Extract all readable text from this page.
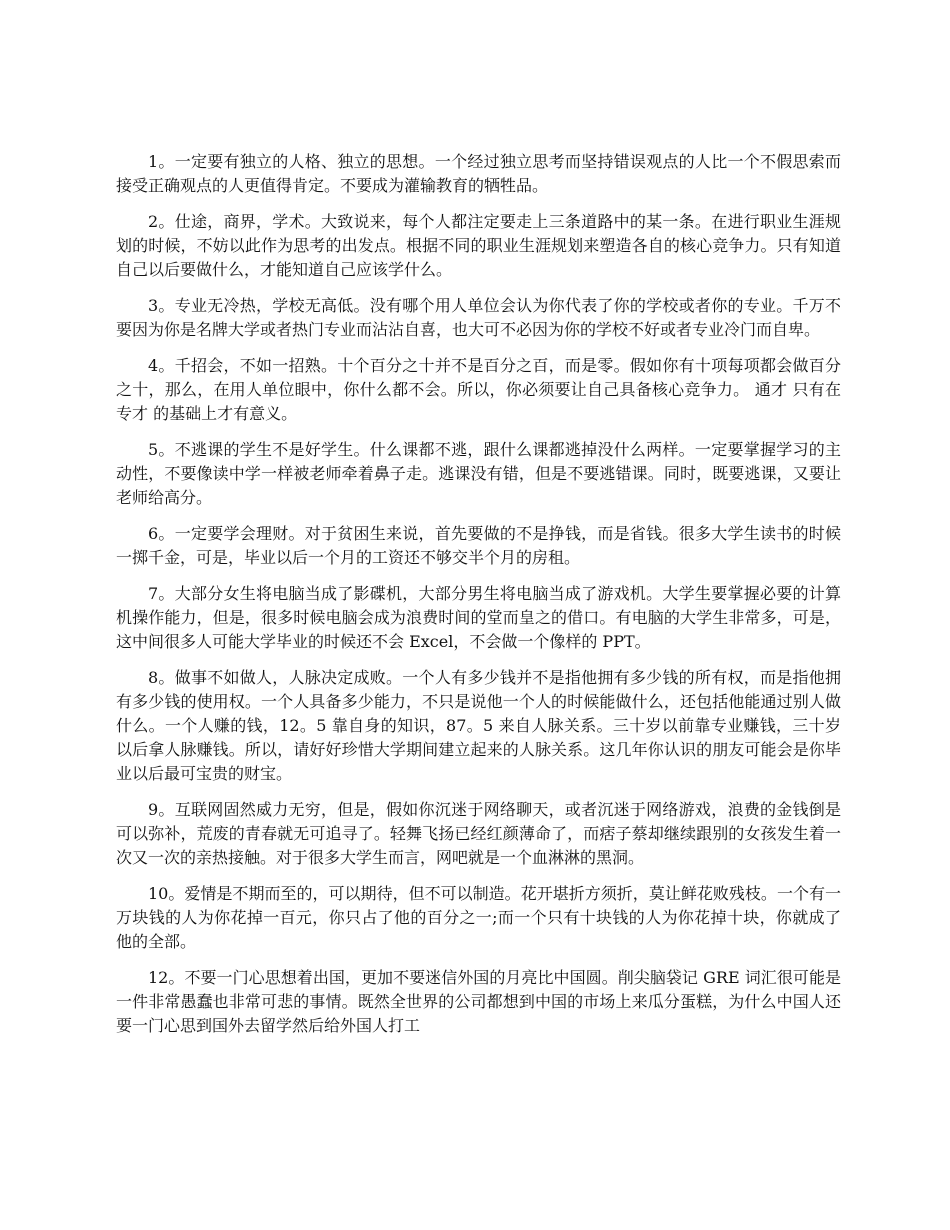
1。一定要有独立的人格、独立的思想。一个经过独立思考而坚持错误观点的人比一个不假思索而接受正确观点的人更值得肯定。不要成为灌输教育的牺牲品。

2。仕途，商界，学术。大致说来，每个人都注定要走上三条道路中的某一条。在进行职业生涯规划的时候，不妨以此作为思考的出发点。根据不同的职业生涯规划来塑造各自的核心竞争力。只有知道自己以后要做什么，才能知道自己应该学什么。

3。专业无冷热，学校无高低。没有哪个用人单位会认为你代表了你的学校或者你的专业。千万不要因为你是名牌大学或者热门专业而沾沾自喜，也大可不必因为你的学校不好或者专业冷门而自卑。

4。千招会，不如一招熟。十个百分之十并不是百分之百，而是零。假如你有十项每项都会做百分之十，那么，在用人单位眼中，你什么都不会。所以，你必须要让自己具备核心竞争力。 通才 只有在 专才 的基础上才有意义。

5。不逃课的学生不是好学生。什么课都不逃，跟什么课都逃掉没什么两样。一定要掌握学习的主动性，不要像读中学一样被老师牵着鼻子走。逃课没有错，但是不要逃错课。同时，既要逃课，又要让老师给高分。

6。一定要学会理财。对于贫困生来说，首先要做的不是挣钱，而是省钱。很多大学生读书的时候一掷千金，可是，毕业以后一个月的工资还不够交半个月的房租。

7。大部分女生将电脑当成了影碟机，大部分男生将电脑当成了游戏机。大学生要掌握必要的计算机操作能力，但是，很多时候电脑会成为浪费时间的堂而皇之的借口。有电脑的大学生非常多，可是，这中间很多人可能大学毕业的时候还不会 Excel，不会做一个像样的 PPT。

8。做事不如做人，人脉决定成败。一个人有多少钱并不是指他拥有多少钱的所有权，而是指他拥有多少钱的使用权。一个人具备多少能力，不只是说他一个人的时候能做什么，还包括他能通过别人做什么。一个人赚的钱，12。5 靠自身的知识，87。5 来自人脉关系。三十岁以前靠专业赚钱，三十岁以后拿人脉赚钱。所以，请好好珍惜大学期间建立起来的人脉关系。这几年你认识的朋友可能会是你毕业以后最可宝贵的财宝。

9。互联网固然威力无穷，但是，假如你沉迷于网络聊天，或者沉迷于网络游戏，浪费的金钱倒是可以弥补，荒废的青春就无可追寻了。轻舞飞扬已经红颜薄命了，而痞子蔡却继续跟别的女孩发生着一次又一次的亲热接触。对于很多大学生而言，网吧就是一个血淋淋的黑洞。

10。爱情是不期而至的，可以期待，但不可以制造。花开堪折方须折，莫让鲜花败残枝。一个有一万块钱的人为你花掉一百元，你只占了他的百分之一;而一个只有十块钱的人为你花掉十块，你就成了他的全部。

12。不要一门心思想着出国，更加不要迷信外国的月亮比中国圆。削尖脑袋记 GRE 词汇很可能是一件非常愚蠢也非常可悲的事情。既然全世界的公司都想到中国的市场上来瓜分蛋糕，为什么中国人还要一门心思到国外去留学然后给外国人打工
